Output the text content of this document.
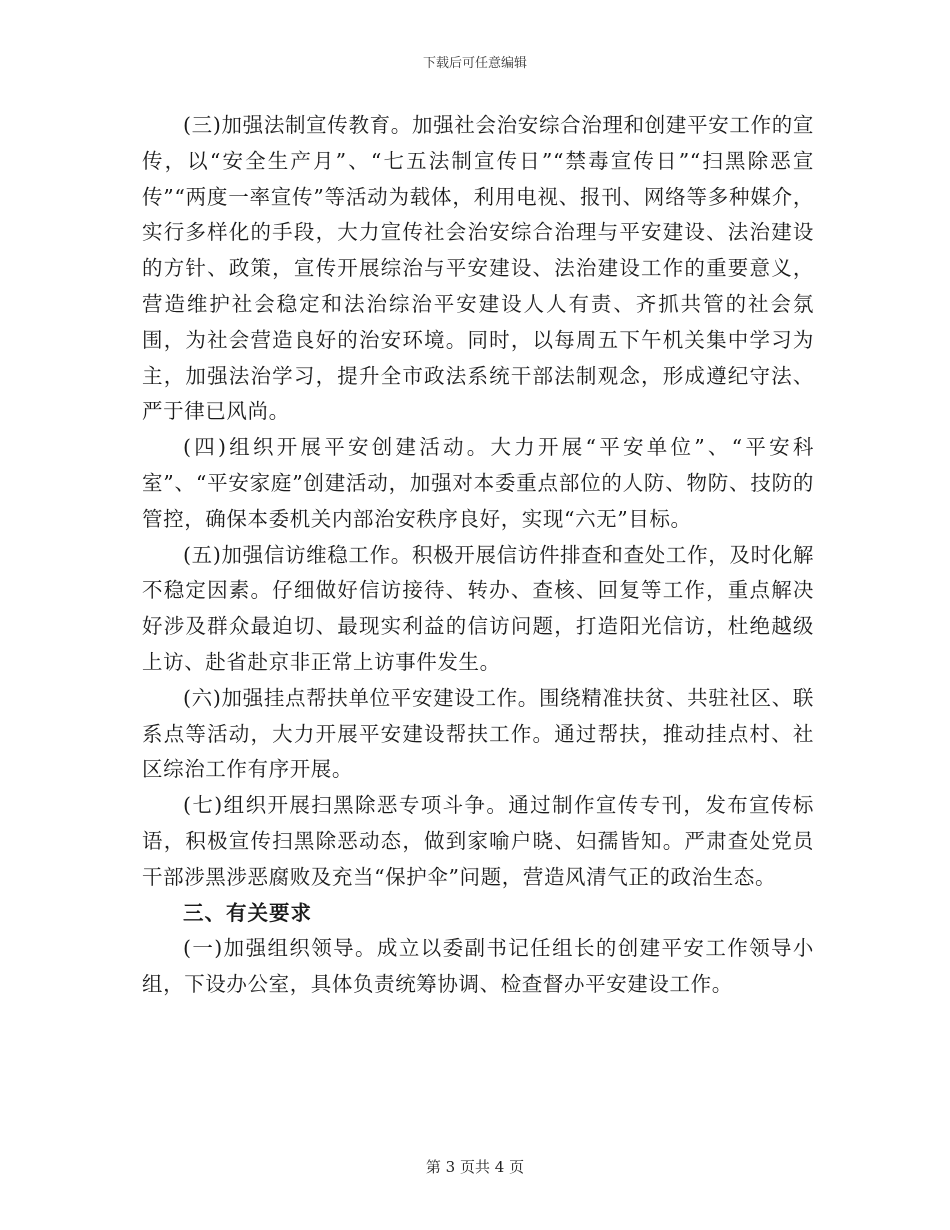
下载后可任意编辑

(三)加强法制宣传教育。加强社会治安综合治理和创建平安工作的宣传，以“安全生产月”、“七五法制宣传日”“禁毒宣传日”“扫黑除恶宣传”“两度一率宣传”等活动为载体，利用电视、报刊、网络等多种媒介，实行多样化的手段，大力宣传社会治安综合治理与平安建设、法治建设的方针、政策，宣传开展综治与平安建设、法治建设工作的重要意义，营造维护社会稳定和法治综治平安建设人人有责、齐抓共管的社会氛围，为社会营造良好的治安环境。同时，以每周五下午机关集中学习为主，加强法治学习，提升全市政法系统干部法制观念，形成遵纪守法、严于律已风尚。

(四)组织开展平安创建活动。大力开展“平安单位”、“平安科室”、“平安家庭”创建活动，加强对本委重点部位的人防、物防、技防的管控，确保本委机关内部治安秩序良好，实现“六无”目标。

(五)加强信访维稳工作。积极开展信访件排查和查处工作，及时化解不稳定因素。仔细做好信访接待、转办、查核、回复等工作，重点解决好涉及群众最迫切、最现实利益的信访问题，打造阳光信访，杜绝越级上访、赴省赴京非正常上访事件发生。

(六)加强挂点帮扶单位平安建设工作。围绕精准扶贫、共驻社区、联系点等活动，大力开展平安建设帮扶工作。通过帮扶，推动挂点村、社区综治工作有序开展。

(七)组织开展扫黑除恶专项斗争。通过制作宣传专刊，发布宣传标语，积极宣传扫黑除恶动态，做到家喻户晓、妇孺皆知。严肃查处党员干部涉黑涉恶腐败及充当“保护伞”问题，营造风清气正的政治生态。

三、有关要求

(一)加强组织领导。成立以委副书记任组长的创建平安工作领导小组，下设办公室，具体负责统筹协调、检查督办平安建设工作。

第 3 页共 4 页
